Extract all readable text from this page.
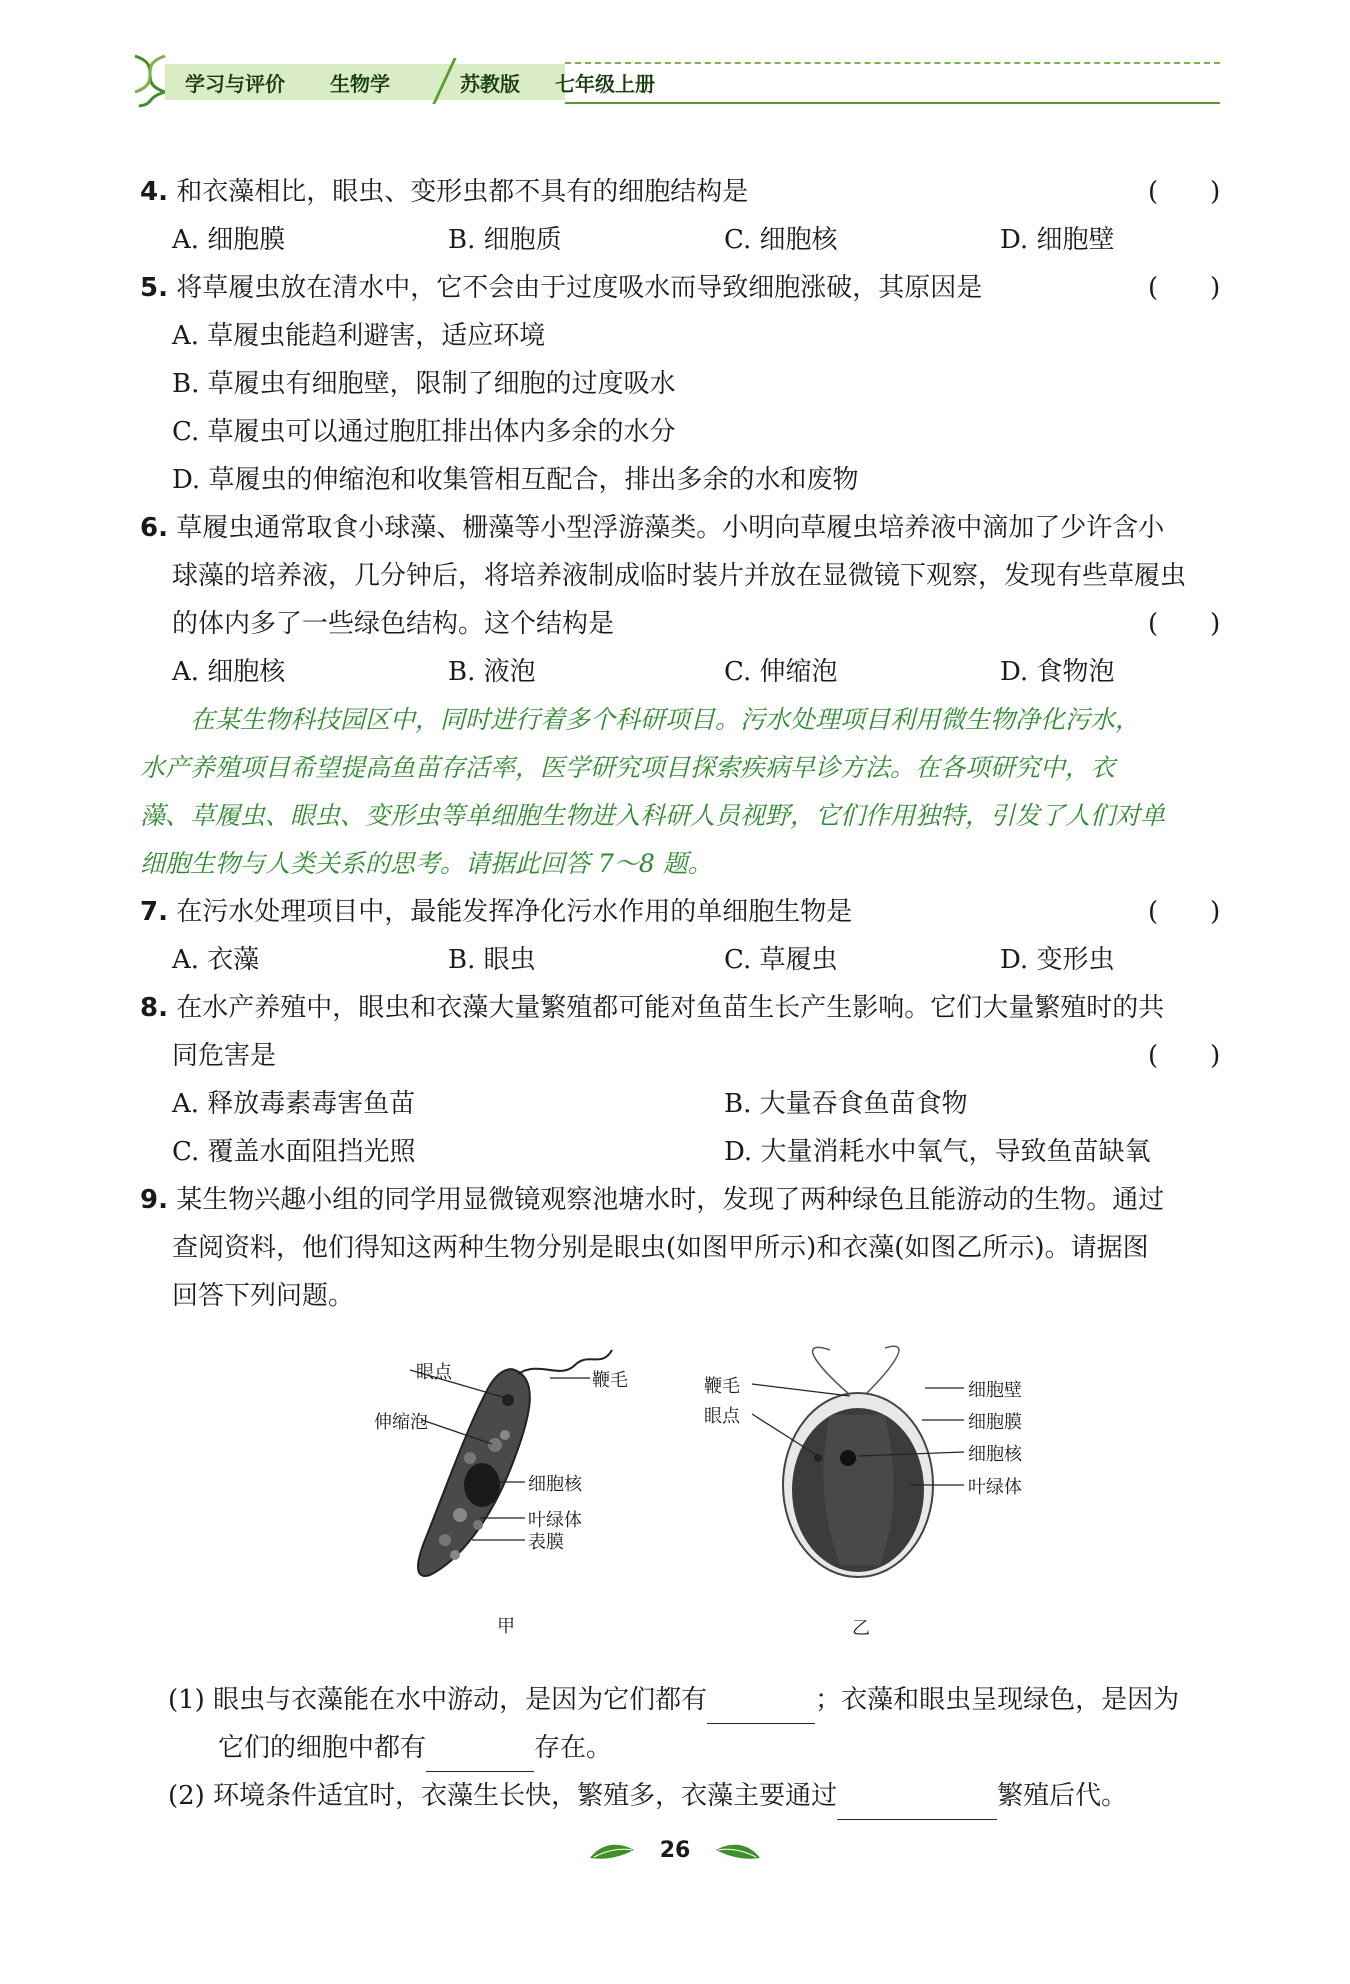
学习与评价 生物学	苏教版 七年级上册
4. 和衣藻相比，眼虫、变形虫都不具有的细胞结构是	(　　)
A. 细胞膜	B. 细胞质	C. 细胞核	D. 细胞壁
5. 将草履虫放在清水中，它不会由于过度吸水而导致细胞涨破，其原因是	(　　)
A. 草履虫能趋利避害，适应环境
B. 草履虫有细胞壁，限制了细胞的过度吸水
C. 草履虫可以通过胞肛排出体内多余的水分
D. 草履虫的伸缩泡和收集管相互配合，排出多余的水和废物
6. 草履虫通常取食小球藻、栅藻等小型浮游藻类。小明向草履虫培养液中滴加了少许含小
球藻的培养液，几分钟后，将培养液制成临时装片并放在显微镜下观察，发现有些草履虫
的体内多了一些绿色结构。这个结构是	(　　)
A. 细胞核	B. 液泡	C. 伸缩泡	D. 食物泡
在某生物科技园区中，同时进行着多个科研项目。污水处理项目利用微生物净化污水，
水产养殖项目希望提高鱼苗存活率，医学研究项目探索疾病早诊方法。在各项研究中，衣
藻、草履虫、眼虫、变形虫等单细胞生物进入科研人员视野，它们作用独特，引发了人们对单
细胞生物与人类关系的思考。请据此回答 7～8 题。
7. 在污水处理项目中，最能发挥净化污水作用的单细胞生物是	(　　)
A. 衣藻	B. 眼虫	C. 草履虫	D. 变形虫
8. 在水产养殖中，眼虫和衣藻大量繁殖都可能对鱼苗生长产生影响。它们大量繁殖时的共
同危害是	(　　)
A. 释放毒素毒害鱼苗	B. 大量吞食鱼苗食物
C. 覆盖水面阻挡光照	D. 大量消耗水中氧气，导致鱼苗缺氧
9. 某生物兴趣小组的同学用显微镜观察池塘水时，发现了两种绿色且能游动的生物。通过
查阅资料，他们得知这两种生物分别是眼虫(如图甲所示)和衣藻(如图乙所示)。请据图
回答下列问题。
眼点	鞭毛
伸缩泡
细胞核
叶绿体
表膜
甲
鞭毛
眼点
细胞壁
细胞膜
细胞核
叶绿体
乙
(1) 眼虫与衣藻能在水中游动，是因为它们都有	；衣藻和眼虫呈现绿色，是因为
它们的细胞中都有	存在。
(2) 环境条件适宜时，衣藻生长快，繁殖多，衣藻主要通过	繁殖后代。
26
